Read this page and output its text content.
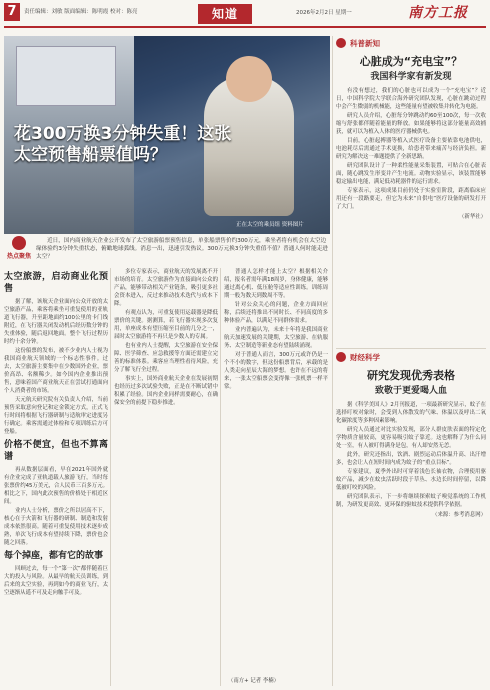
7	责任编辑：刘敏 版面编辑：陈明霞 校对：陈亮	知道	2026年2月2日 星期一	南方工报
花300万换3分钟失重！这张太空预售船票值吗？
正在太空的乘员组 资料图片
热点聚焦
近日，国内商业航天企业公开发布了太空旅游船票预售信息，单张船票售价约300万元，乘坐者将有机会在太空边缘体验约3分钟失重状态，俯瞰地球弧线。消息一出，迅速引发热议。300万元换3分钟失重值不值？普通人何时能走进太空？
太空旅游，启动商业化预售

据了解，该航天企业面向公众开放的太空旅游产品，乘客将乘坐可重复使用的亚轨道飞行器，升至距地面约100公里的卡门线附近，在飞行器关闭发动机后经历数分钟的失重体验，随后返回地面。整个飞行过程历时约十余分钟。

这份船票的发布，被不少业内人士视为我国商业航天领域的一个标志性事件。过去，太空旅游主要集中在少数国外企业，票价高昂、名额稀少。如今国内企业推出预售，意味着国产商业航天正在尝试打通面向个人消费者的市场。

天元航天研究院有关负责人介绍，当前预售采取意向登记和定金锁定方式，正式飞行时间将根据飞行器研制与适航审定进度另行确定。乘客需通过体检和专项训练后方可登船。

价格不便宜，但也不算离谱

再从数据层面看，早在2021年国外就有企业完成了亚轨道载人旅游飞行，当时每张票价约45万美元，合人民币三百多万元。相比之下，国内此次预售的价格处于相近区间。

业内人士分析，票价之所以居高不下，核心在于火箭和飞行器的研制、制造和发射成本依然很高。随着可重复使用技术逐步成熟，单次飞行成本有望持续下降，票价也会随之回落。

每个掉座，都有它的故事

回顾过去，每一个“第一次”都伴随着巨大的投入与风险。从最早的航天员训练，到后来的太空实验，再到如今的商业飞行，太空逐渐从遥不可及走向触手可及。

多位专家表示，商业航天的发展离不开市场的培育。太空旅游作为直接面向公众的产品，能够带动相关产业链条，吸引更多社会资本进入，反过来推动技术迭代与成本下降。

有观点认为，可重复使用运载器是降低票价的关键。据测算，若飞行器实现多次复用，单座成本有望压缩至目前的几分之一，届时太空旅游将不再只是少数人的专属。

也有业内人士提醒，太空旅游在安全保障、医学筛查、应急救援等方面还需建立完善的标准体系。乘客应当理性看待风险，充分了解飞行全过程。

事实上，国外商业航天企业在发展初期也经历过多次试验失败，正是在不断试错中积累了经验。国内企业同样需要耐心，在确保安全的前提下稳步推进。

普通人怎样才能上太空？根据相关介绍，报名者需年满18周岁，身体健康，能够通过离心机、低压舱等适应性训练。训练周期一般为数天到数周不等。

针对公众关心的问题，企业方面回应称，后续还将推出不同时长、不同高度的多种体验产品，以满足不同群体需求。

业内普遍认为，未来十年将是我国商业航天加速发展的关键期，太空旅游、在轨服务、太空制造等新业态有望陆续涌现。

对于普通人而言，300万元或许仍是一个不小的数字，但这份船票背后，承载的是人类走向星辰大海的梦想。也许在不远的将来，一张太空船票会变得像一张机票一样平常。

（南方+ 记者 李楠）
科普新知
心脏成为“充电宝”？
我国科学家有新发现

有没有想过，我们的心脏也可以成为一个“充电宝”？近日，中国科学院大学联合海外研究团队发现，心脏在跳动过程中会产生微弱的机械能，这些能量有望被收集并转化为电能。

研究人员介绍，心脏每分钟跳动约60至100次，每一次收缩与舒张都伴随着能量的释放。如果能够将这部分能量高效捕获，就可以为植入人体的医疗器械供电。

目前，心脏起搏器等植入式医疗设备主要依靠电池供电，电池耗尽后需通过手术更换，给患者带来痛苦与经济负担。新研究为解决这一难题提供了全新思路。

研究团队设计了一种柔性能量采集装置，可贴合在心脏表面，随心跳发生形变并产生电流。动物实验显示，该装置能够稳定输出电能，满足低功耗器件的运行需求。

专家表示，这项成果目前仍处于实验室阶段，距离临床应用还有一段路要走，但它为未来“自供电”医疗设备的研发打开了大门。

（新华社）
财经科学
研究发现优秀表格
致敬于更爱喝人血

据《科学美国人》2月刊报道，一项最新研究显示，蚊子在选择叮咬对象时，会受到人体散发的气味、体温以及呼出二氧化碳浓度等多种因素影响。

研究人员通过对比实验发现，部分人群皮肤表面的特定化学物质含量较高，更容易吸引蚊子靠近。这也解释了为什么同处一室，有人被叮得满身是包，有人却安然无恙。

此外，研究还指出，饮酒、剧烈运动后体温升高、出汗增多，也会让人在短时间内成为蚊子的“重点目标”。

专家建议，夏季外出时可穿着浅色长袖衣物，合理使用驱蚊产品，减少在蚊虫活跃时段于草丛、水边长时间停留，以降低被叮咬的风险。

研究团队表示，下一步将继续探索蚊子嗅觉系统的工作机制，为研发更高效、更环保的驱蚊技术提供科学依据。

（来源：参考消息网）
